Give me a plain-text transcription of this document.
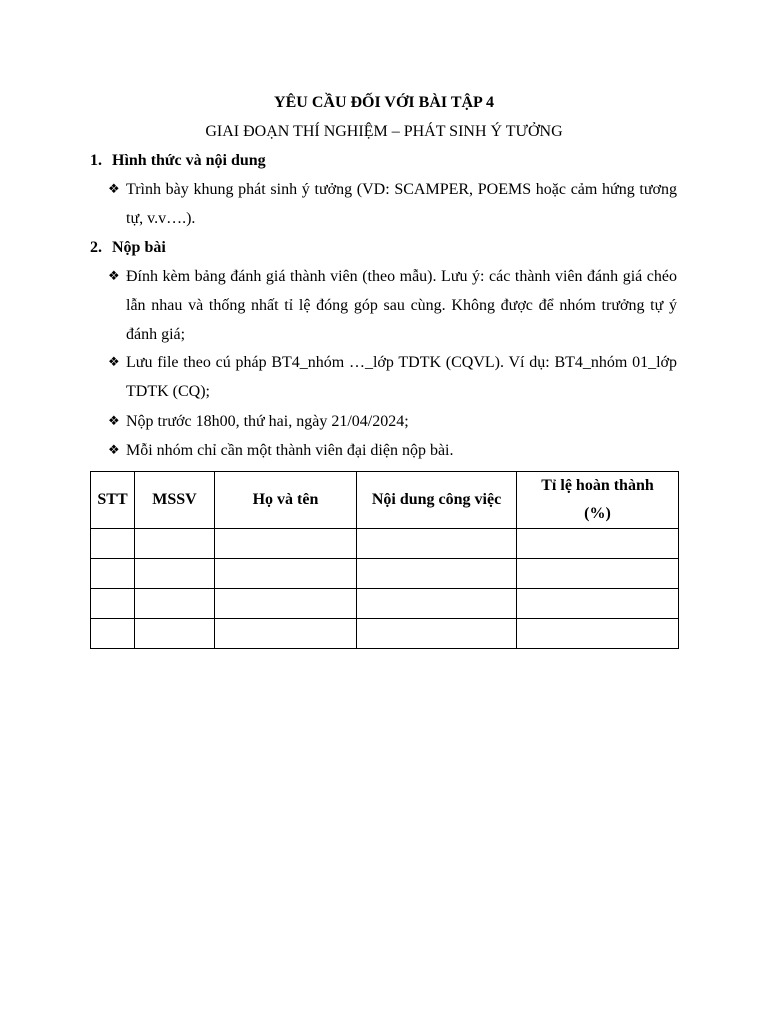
YÊU CẦU ĐỐI VỚI BÀI TẬP 4
GIAI ĐOẠN THÍ NGHIỆM – PHÁT SINH Ý TƯỞNG
1. Hình thức và nội dung
❖ Trình bày khung phát sinh ý tưởng (VD: SCAMPER, POEMS hoặc cảm hứng tương tự, v.v….).
2. Nộp bài
❖ Đính kèm bảng đánh giá thành viên (theo mẫu). Lưu ý: các thành viên đánh giá chéo lẫn nhau và thống nhất tỉ lệ đóng góp sau cùng. Không được để nhóm trưởng tự ý đánh giá;
❖ Lưu file theo cú pháp BT4_nhóm …_lớp TDTK (CQVL). Ví dụ: BT4_nhóm 01_lớp TDTK (CQ);
❖ Nộp trước 18h00, thứ hai, ngày 21/04/2024;
❖ Mỗi nhóm chỉ cần một thành viên đại diện nộp bài.
STT	MSSV	Họ và tên	Nội dung công việc	Tỉ lệ hoàn thành (%)
